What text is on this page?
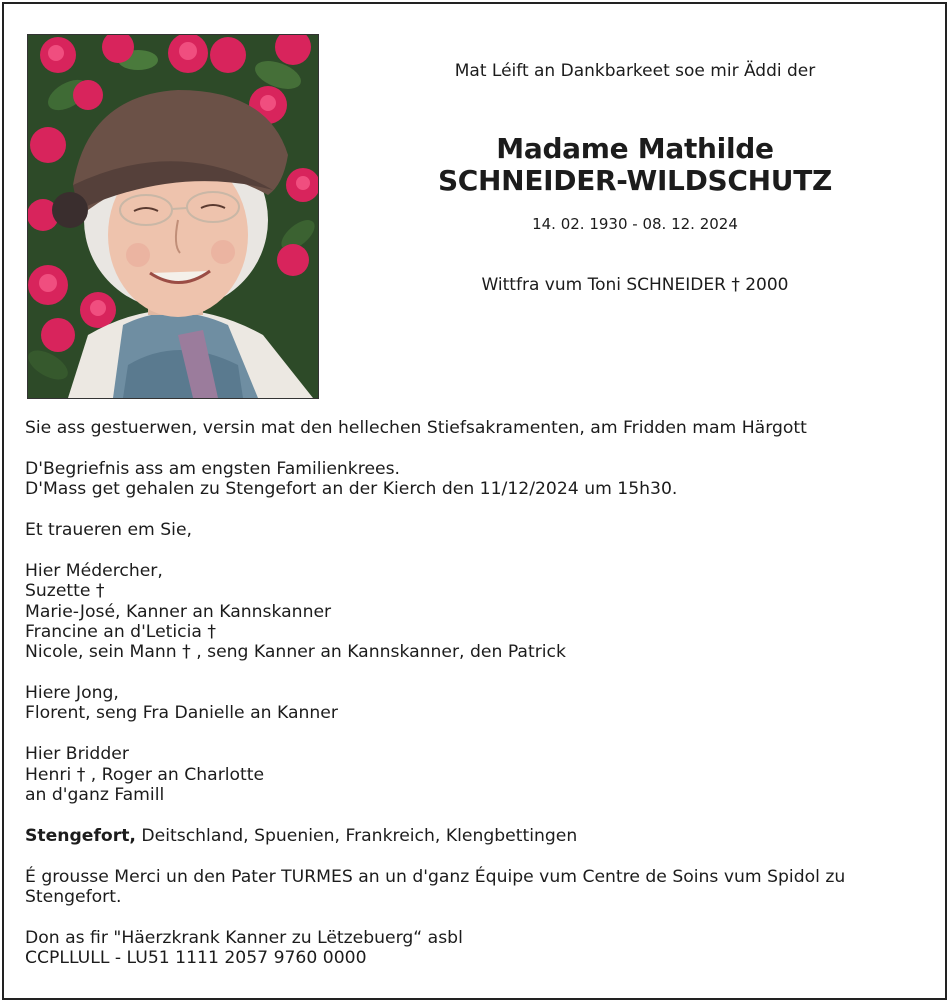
Mat Léift an Dankbarkeet soe mir Äddi der
Madame Mathilde
SCHNEIDER-WILDSCHUTZ
14. 02. 1930 - 08. 12. 2024
Wittfra vum Toni SCHNEIDER † 2000
Sie ass gestuerwen, versin mat den hellechen Stiefsakramenten, am Fridden mam Härgott
D'Begriefnis ass am engsten Familienkrees.
D'Mass get gehalen zu Stengefort an der Kierch den 11/12/2024 um 15h30.
Et traueren em Sie,
Hier Médercher,
Suzette †
Marie-José, Kanner an Kannskanner
Francine an d'Leticia †
Nicole, sein Mann † , seng Kanner an Kannskanner, den Patrick
Hiere Jong,
Florent, seng Fra Danielle an Kanner
Hier Bridder
Henri † , Roger an Charlotte
an d'ganz Famill
Stengefort, Deitschland, Spuenien, Frankreich, Klengbettingen
É grousse Merci un den Pater TURMES an un d'ganz Équipe vum Centre de Soins vum Spidol zu
Stengefort.
Don as fir "Häerzkrank Kanner zu Lëtzebuerg“ asbl
CCPLLULL - LU51 1111 2057 9760 0000
